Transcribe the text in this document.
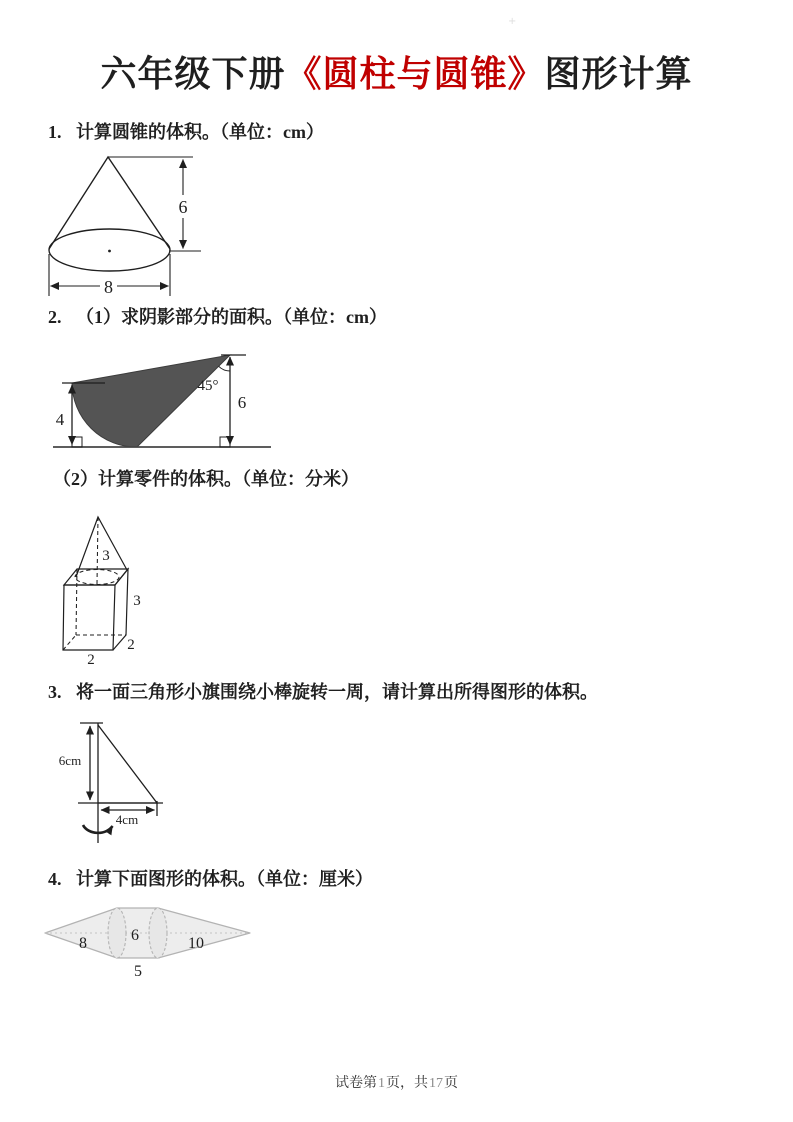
+
六年级下册《圆柱与圆锥》图形计算
1. 计算圆锥的体积。（单位：cm）
6
8
2. （1）求阴影部分的面积。（单位：cm）
4
6
45°
（2）计算零件的体积。（单位：分米）
3
3
2
2
3. 将一面三角形小旗围绕小棒旋转一周，请计算出所得图形的体积。
6cm
4cm
4. 计算下面图形的体积。（单位：厘米）
8	6	10
5
试卷第1页，共17页
